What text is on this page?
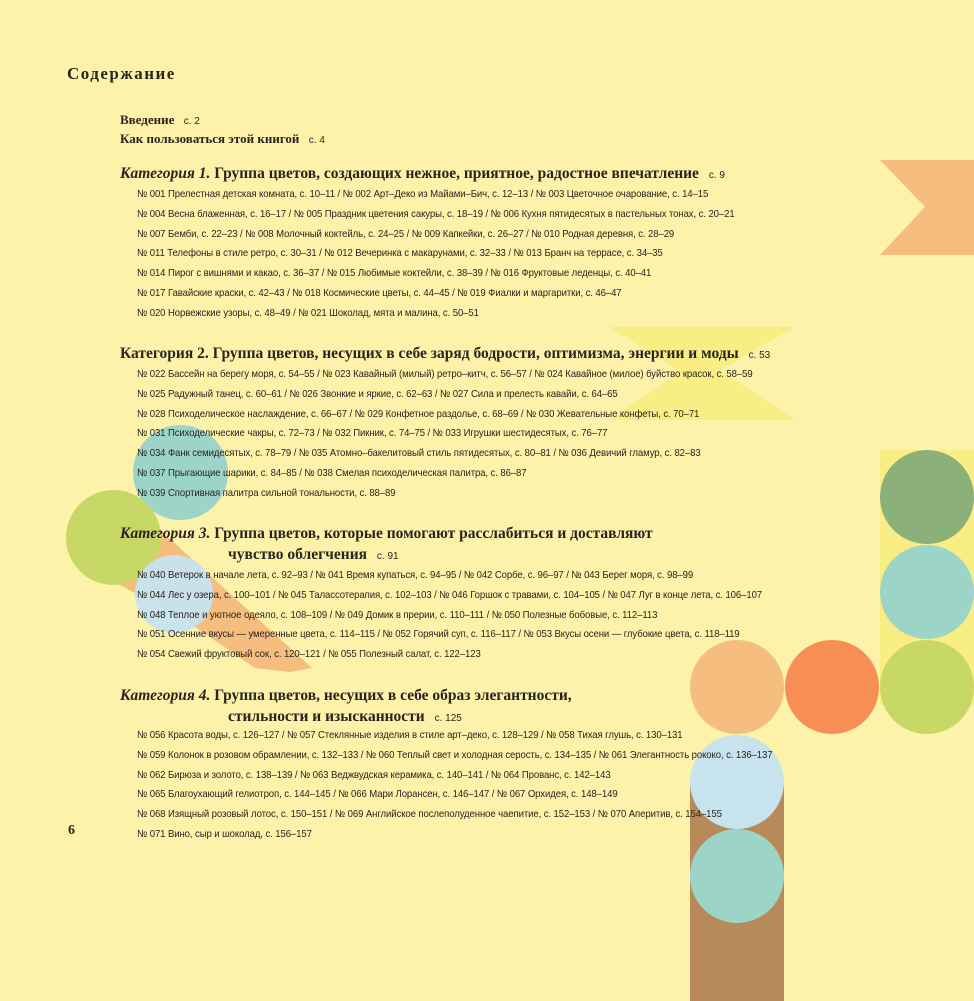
Содержание
Введение с. 2
Как пользоваться этой книгой с. 4
Категория 1. Группа цветов, создающих нежное, приятное, радостное впечатление с. 9
№ 001 Прелестная детская комната, с. 10–11 / № 002 Арт–Деко из Майами–Бич, с. 12–13 / № 003 Цветочное очарование, с. 14–15
№ 004 Весна блаженная, с. 16–17 / № 005 Праздник цветения сакуры, с. 18–19 / № 006 Кухня пятидесятых в пастельных тонах, с. 20–21
№ 007 Бемби, с. 22–23 / № 008 Молочный коктейль, с. 24–25 / № 009 Капкейки, с. 26–27 / № 010 Родная деревня, с. 28–29
№ 011 Телефоны в стиле ретро, с. 30–31 / № 012 Вечеринка с макарунами, с. 32–33 / № 013 Бранч на террасе, с. 34–35
№ 014 Пирог с вишнями и какао, с. 36–37 / № 015 Любимые коктейли, с. 38–39 / № 016 Фруктовые леденцы, с. 40–41
№ 017 Гавайские краски, с. 42–43 / № 018 Космические цветы, с. 44–45 / № 019 Фиалки и маргаритки, с. 46–47
№ 020 Норвежские узоры, с. 48–49 / № 021 Шоколад, мята и малина, с. 50–51
Категория 2. Группа цветов, несущих в себе заряд бодрости, оптимизма, энергии и моды с. 53
№ 022 Бассейн на берегу моря, с. 54–55 / № 023 Кавайный (милый) ретро–китч, с. 56–57 / № 024 Кавайное (милое) буйство красок, с. 58–59
№ 025 Радужный танец, с. 60–61 / № 026 Звонкие и яркие, с. 62–63 / № 027 Сила и прелесть кавайи, с. 64–65
№ 028 Психоделическое наслаждение, с. 66–67 / № 029 Конфетное раздолье, с. 68–69 / № 030 Жевательные конфеты, с. 70–71
№ 031 Психоделические чакры, с. 72–73 / № 032 Пикник, с. 74–75 / № 033 Игрушки шестидесятых, с. 76–77
№ 034 Фанк семидесятых, с. 78–79 / № 035 Атомно–бакелитовый стиль пятидесятых, с. 80–81 / № 036 Девичий гламур, с. 82–83
№ 037 Прыгающие шарики, с. 84–85 / № 038 Смелая психоделическая палитра, с. 86–87
№ 039 Спортивная палитра сильной тональности, с. 88–89
Категория 3. Группа цветов, которые помогают расслабиться и доставляют
чувство облегчения с. 91
№ 040 Ветерок в начале лета, с. 92–93 / № 041 Время купаться, с. 94–95 / № 042 Сорбе, с. 96–97 / № 043 Берег моря, с. 98–99
№ 044 Лес у озера, с. 100–101 / № 045 Талассотерапия, с. 102–103 / № 046 Горшок с травами, с. 104–105 / № 047 Луг в конце лета, с. 106–107
№ 048 Теплое и уютное одеяло, с. 108–109 / № 049 Домик в прерии, с. 110–111 / № 050 Полезные бобовые, с. 112–113
№ 051 Осенние вкусы — умеренные цвета, с. 114–115 / № 052 Горячий суп, с. 116–117 / № 053 Вкусы осени — глубокие цвета, с. 118–119
№ 054 Свежий фруктовый сок, с. 120–121 / № 055 Полезный салат, с. 122–123
Категория 4. Группа цветов, несущих в себе образ элегантности,
стильности и изысканности с. 125
№ 056 Красота воды, с. 126–127 / № 057 Стеклянные изделия в стиле арт–деко, с. 128–129 / № 058 Тихая глушь, с. 130–131
№ 059 Колонок в розовом обрамлении, с. 132–133 / № 060 Теплый свет и холодная серость, с. 134–135 / № 061 Элегантность рококо, с. 136–137
№ 062 Бирюза и золото, с. 138–139 / № 063 Веджвудская керамика, с. 140–141 / № 064 Прованс, с. 142–143
№ 065 Благоухающий гелиотроп, с. 144–145 / № 066 Мари Лорансен, с. 146–147 / № 067 Орхидея, с. 148–149
№ 068 Изящный розовый лотос, с. 150–151 / № 069 Английское послеполуденное чаепитие, с. 152–153 / № 070 Аперитив, с. 154–155
№ 071 Вино, сыр и шоколад, с. 156–157
6
